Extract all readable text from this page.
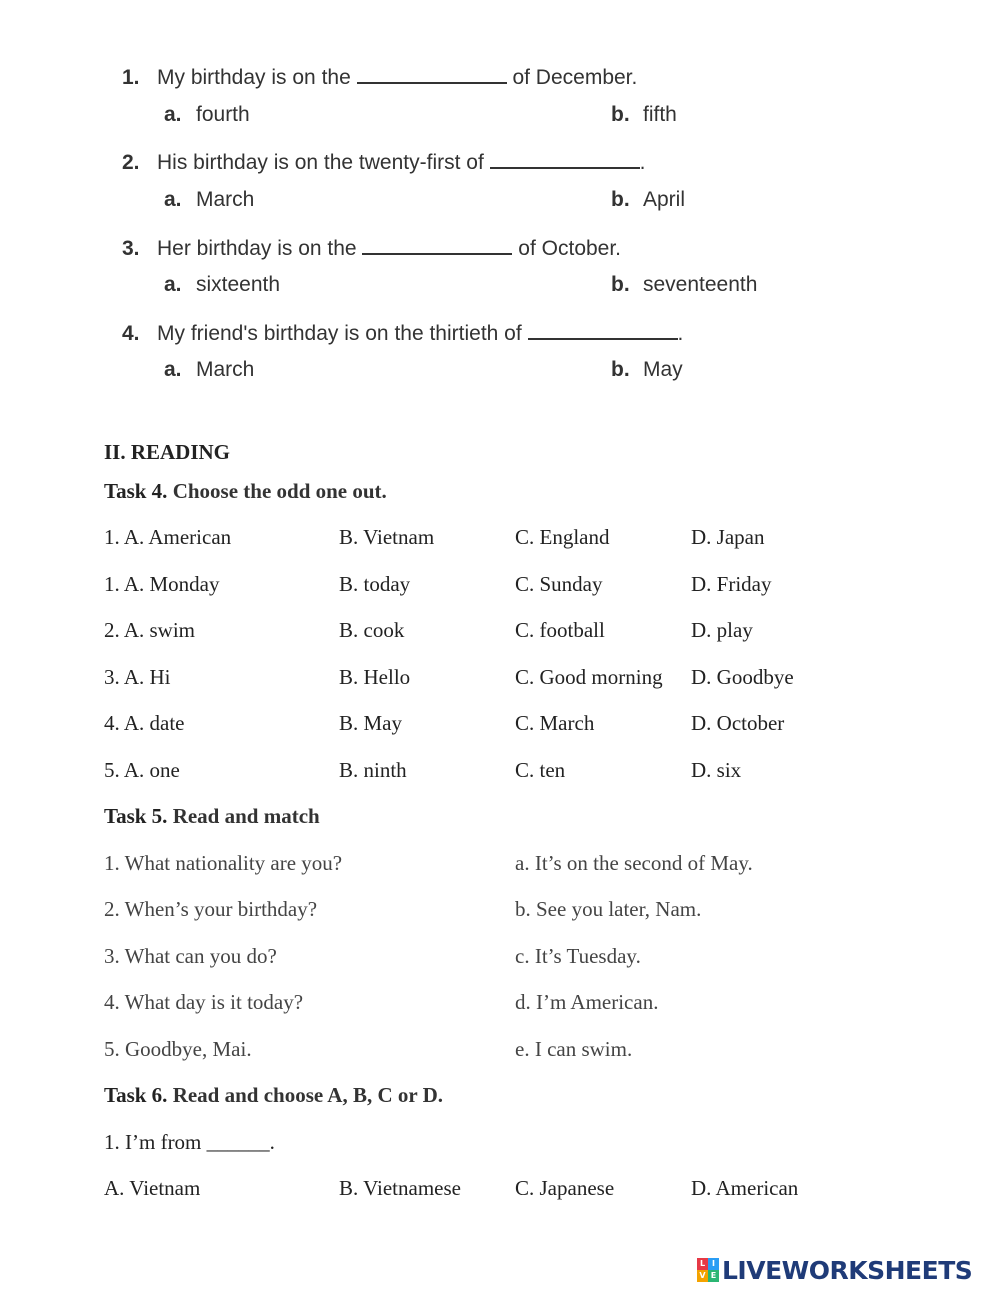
1. My birthday is on the	of December.
a. fourth	b. fifth
2. His birthday is on the twenty-first of	.
a. March	b. April
3. Her birthday is on the	of October.
a. sixteenth	b. seventeenth
4. My friend's birthday is on the thirtieth of	.
a. March	b. May
II. READING
Task 4. Choose the odd one out.
1. A. American	B. Vietnam	C. England	D. Japan
1. A. Monday	B. today	C. Sunday	D. Friday
2. A. swim	B. cook	C. football	D. play
3. A. Hi	B. Hello	C. Good morning D. Goodbye
4. A. date	B. May	C. March	D. October
5. A. one	B. ninth	C. ten	D. six
Task 5. Read and match
1. What nationality are you?	a. It’s on the second of May.
2. When’s your birthday?	b. See you later, Nam.
3. What can you do?	c. It’s Tuesday.
4. What day is it today?	d. I’m American.
5. Goodbye, Mai.	e. I can swim.
Task 6. Read and choose A, B, C or D.
1. I’m from ______.
A. Vietnam	B. Vietnamese	C. Japanese	D. American
L I
V E LIVEWORKSHEETS
